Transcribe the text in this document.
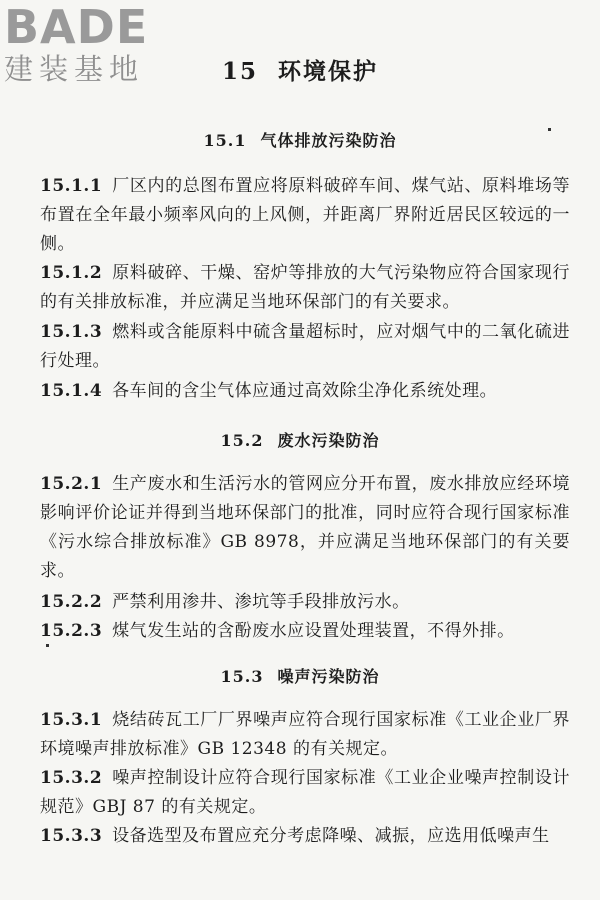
BADE
建装基地	15 环境保护
15.1 气体排放污染防治
15.1.1 厂区内的总图布置应将原料破碎车间、煤气站、原料堆场等布置在全年最小频率风向的上风侧，并距离厂界附近居民区较远的一侧。
15.1.2 原料破碎、干燥、窑炉等排放的大气污染物应符合国家现行的有关排放标准，并应满足当地环保部门的有关要求。
15.1.3 燃料或含能原料中硫含量超标时，应对烟气中的二氧化硫进行处理。
15.1.4 各车间的含尘气体应通过高效除尘净化系统处理。
15.2 废水污染防治
15.2.1 生产废水和生活污水的管网应分开布置，废水排放应经环境影响评价论证并得到当地环保部门的批准，同时应符合现行国家标准《污水综合排放标准》GB 8978，并应满足当地环保部门的有关要求。
15.2.2 严禁利用渗井、渗坑等手段排放污水。
15.2.3 煤气发生站的含酚废水应设置处理装置，不得外排。
15.3 噪声污染防治
15.3.1 烧结砖瓦工厂厂界噪声应符合现行国家标准《工业企业厂界环境噪声排放标准》GB 12348 的有关规定。
15.3.2 噪声控制设计应符合现行国家标准《工业企业噪声控制设计规范》GBJ 87 的有关规定。
15.3.3 设备选型及布置应充分考虑降噪、减振，应选用低噪声生
